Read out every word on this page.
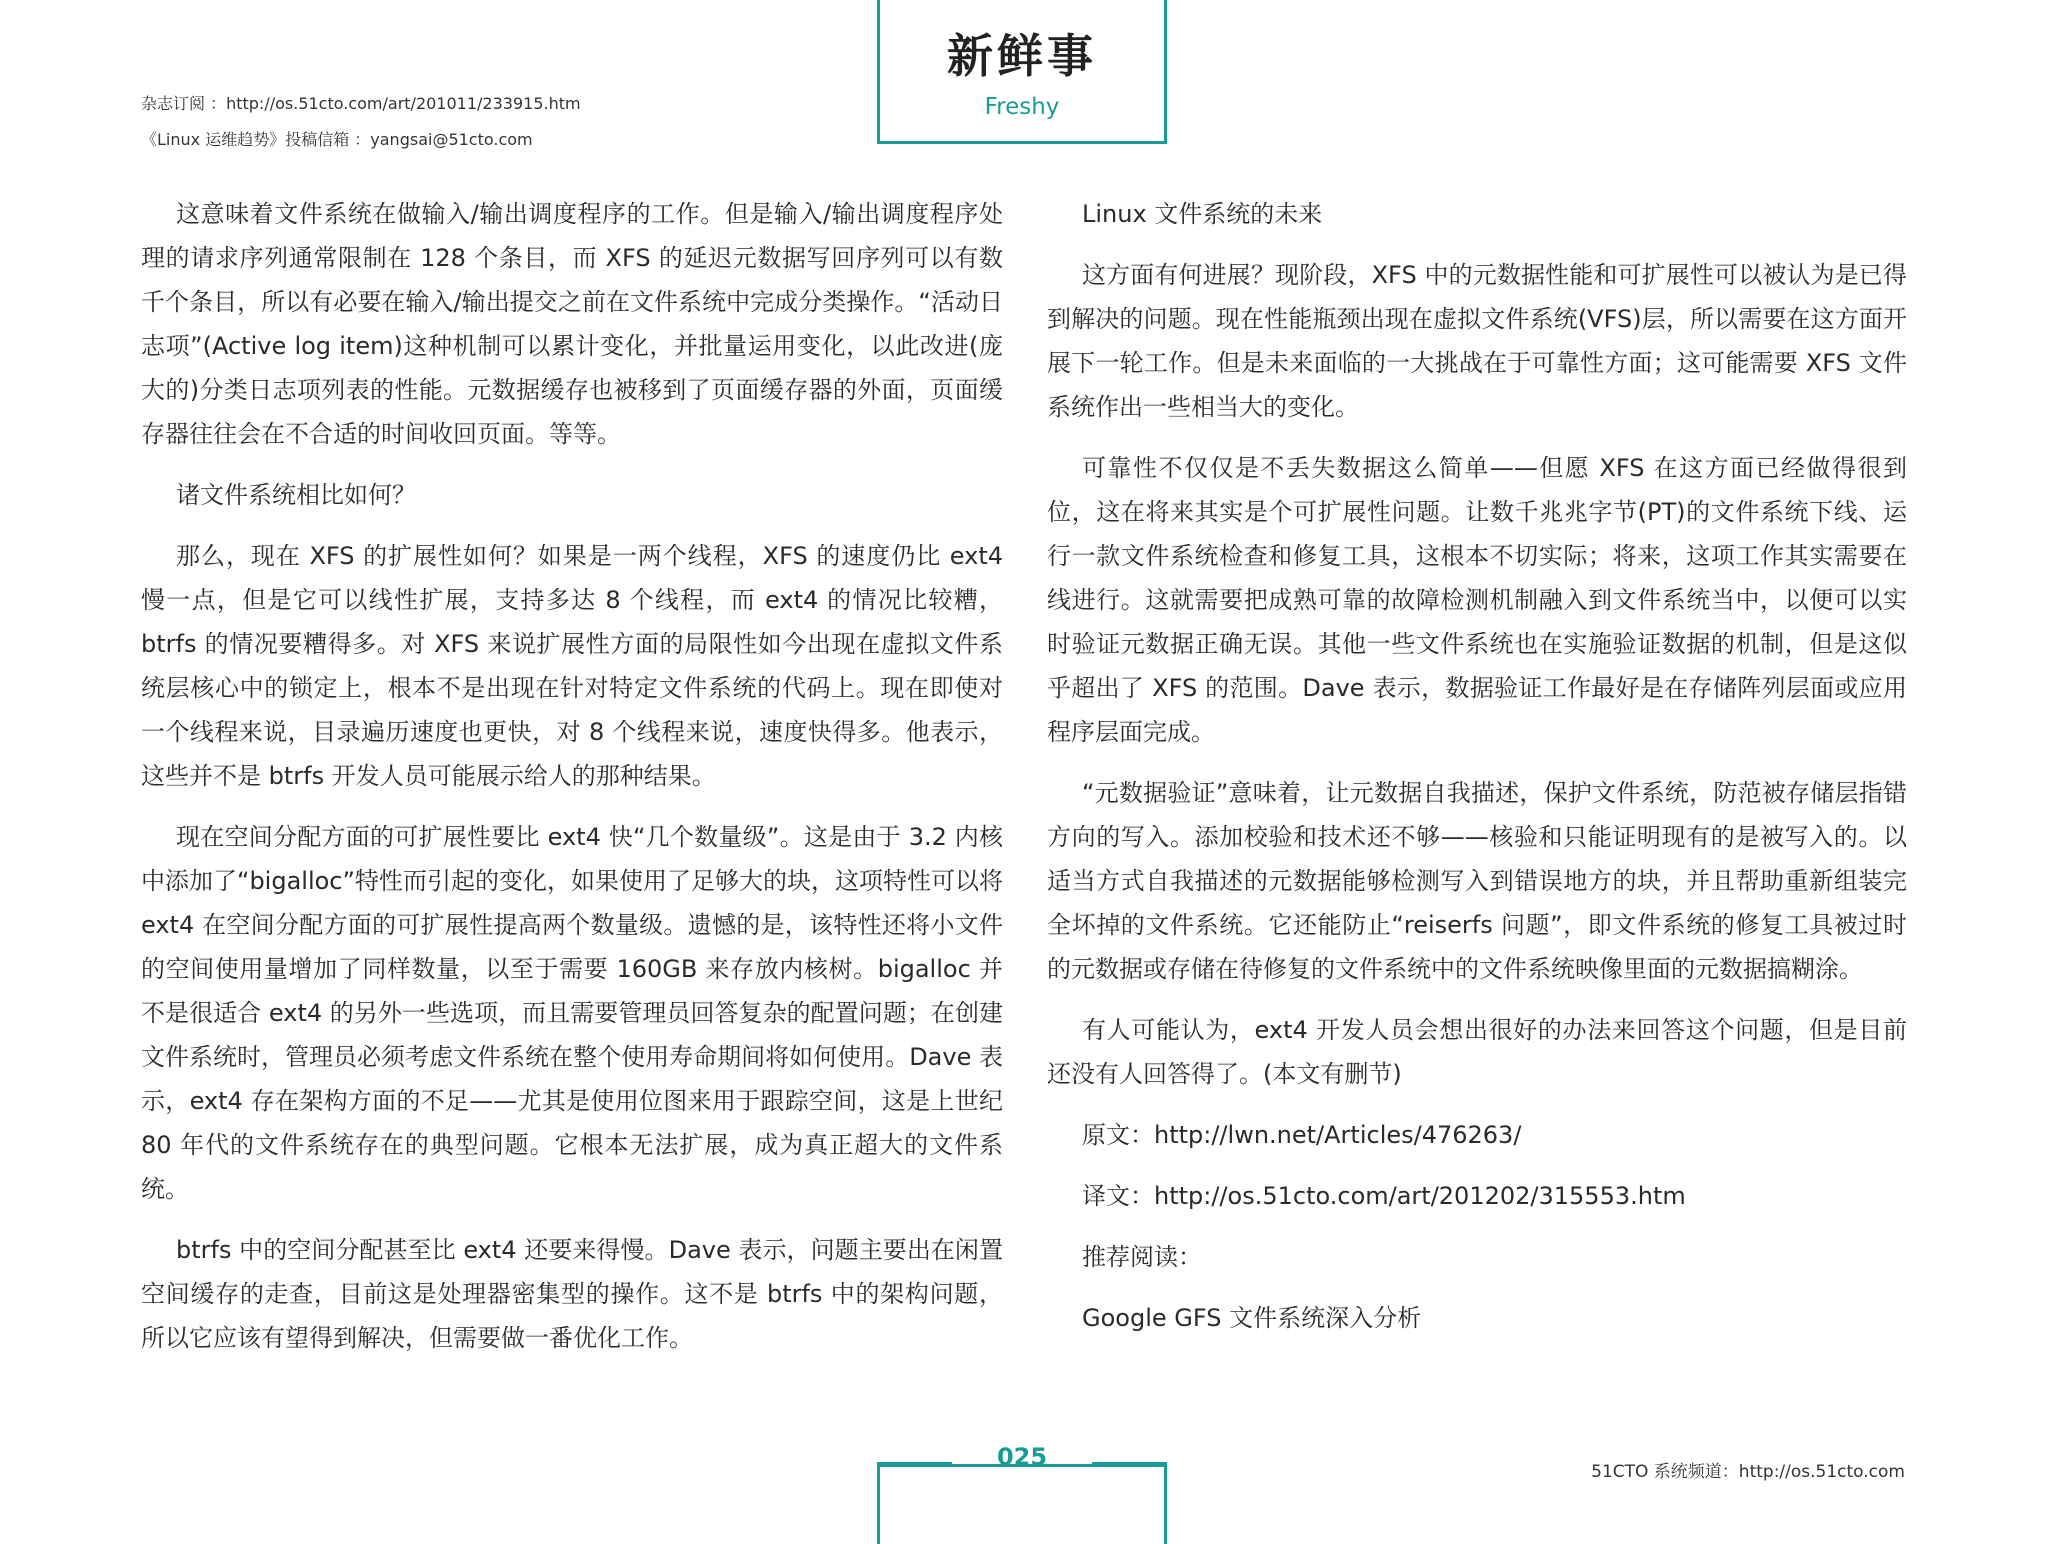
杂志订阅 ：http://os.51cto.com/art/201011/233915.htm
《Linux 运维趋势》投稿信箱 ：yangsai@51cto.com
新鲜事
Freshy

这意味着文件系统在做输入/输出调度程序的工作。但是输入/输出调度程序处理的请求序列通常限制在 128 个条目，而 XFS 的延迟元数据写回序列可以有数千个条目，所以有必要在输入/输出提交之前在文件系统中完成分类操作。“活动日志项”(Active log item)这种机制可以累计变化，并批量运用变化，以此改进(庞大的)分类日志项列表的性能。元数据缓存也被移到了页面缓存器的外面，页面缓存器往往会在不合适的时间收回页面。等等。

诸文件系统相比如何？

那么，现在 XFS 的扩展性如何？如果是一两个线程，XFS 的速度仍比 ext4 慢一点，但是它可以线性扩展，支持多达 8 个线程，而 ext4 的情况比较糟，btrfs 的情况要糟得多。对 XFS 来说扩展性方面的局限性如今出现在虚拟文件系统层核心中的锁定上，根本不是出现在针对特定文件系统的代码上。现在即使对一个线程来说，目录遍历速度也更快，对 8 个线程来说，速度快得多。他表示，这些并不是 btrfs 开发人员可能展示给人的那种结果。

现在空间分配方面的可扩展性要比 ext4 快“几个数量级”。这是由于 3.2 内核中添加了“bigalloc”特性而引起的变化，如果使用了足够大的块，这项特性可以将 ext4 在空间分配方面的可扩展性提高两个数量级。遗憾的是，该特性还将小文件的空间使用量增加了同样数量，以至于需要 160GB 来存放内核树。bigalloc 并不是很适合 ext4 的另外一些选项，而且需要管理员回答复杂的配置问题；在创建文件系统时，管理员必须考虑文件系统在整个使用寿命期间将如何使用。Dave 表示，ext4 存在架构方面的不足——尤其是使用位图来用于跟踪空间，这是上世纪 80 年代的文件系统存在的典型问题。它根本无法扩展，成为真正超大的文件系统。

btrfs 中的空间分配甚至比 ext4 还要来得慢。Dave 表示，问题主要出在闲置空间缓存的走查，目前这是处理器密集型的操作。这不是 btrfs 中的架构问题，所以它应该有望得到解决，但需要做一番优化工作。

Linux 文件系统的未来

这方面有何进展？现阶段，XFS 中的元数据性能和可扩展性可以被认为是已得到解决的问题。现在性能瓶颈出现在虚拟文件系统(VFS)层，所以需要在这方面开展下一轮工作。但是未来面临的一大挑战在于可靠性方面；这可能需要 XFS 文件系统作出一些相当大的变化。

可靠性不仅仅是不丢失数据这么简单——但愿 XFS 在这方面已经做得很到位，这在将来其实是个可扩展性问题。让数千兆兆字节(PT)的文件系统下线、运行一款文件系统检查和修复工具，这根本不切实际；将来，这项工作其实需要在线进行。这就需要把成熟可靠的故障检测机制融入到文件系统当中，以便可以实时验证元数据正确无误。其他一些文件系统也在实施验证数据的机制，但是这似乎超出了 XFS 的范围。Dave 表示，数据验证工作最好是在存储阵列层面或应用程序层面完成。

“元数据验证”意味着，让元数据自我描述，保护文件系统，防范被存储层指错方向的写入。添加校验和技术还不够——核验和只能证明现有的是被写入的。以适当方式自我描述的元数据能够检测写入到错误地方的块，并且帮助重新组装完全坏掉的文件系统。它还能防止“reiserfs 问题”，即文件系统的修复工具被过时的元数据或存储在待修复的文件系统中的文件系统映像里面的元数据搞糊涂。

有人可能认为，ext4 开发人员会想出很好的办法来回答这个问题，但是目前还没有人回答得了。(本文有删节)

原文：http://lwn.net/Articles/476263/

译文：http://os.51cto.com/art/201202/315553.htm

推荐阅读：

Google GFS 文件系统深入分析

025
51CTO 系统频道：http://os.51cto.com
